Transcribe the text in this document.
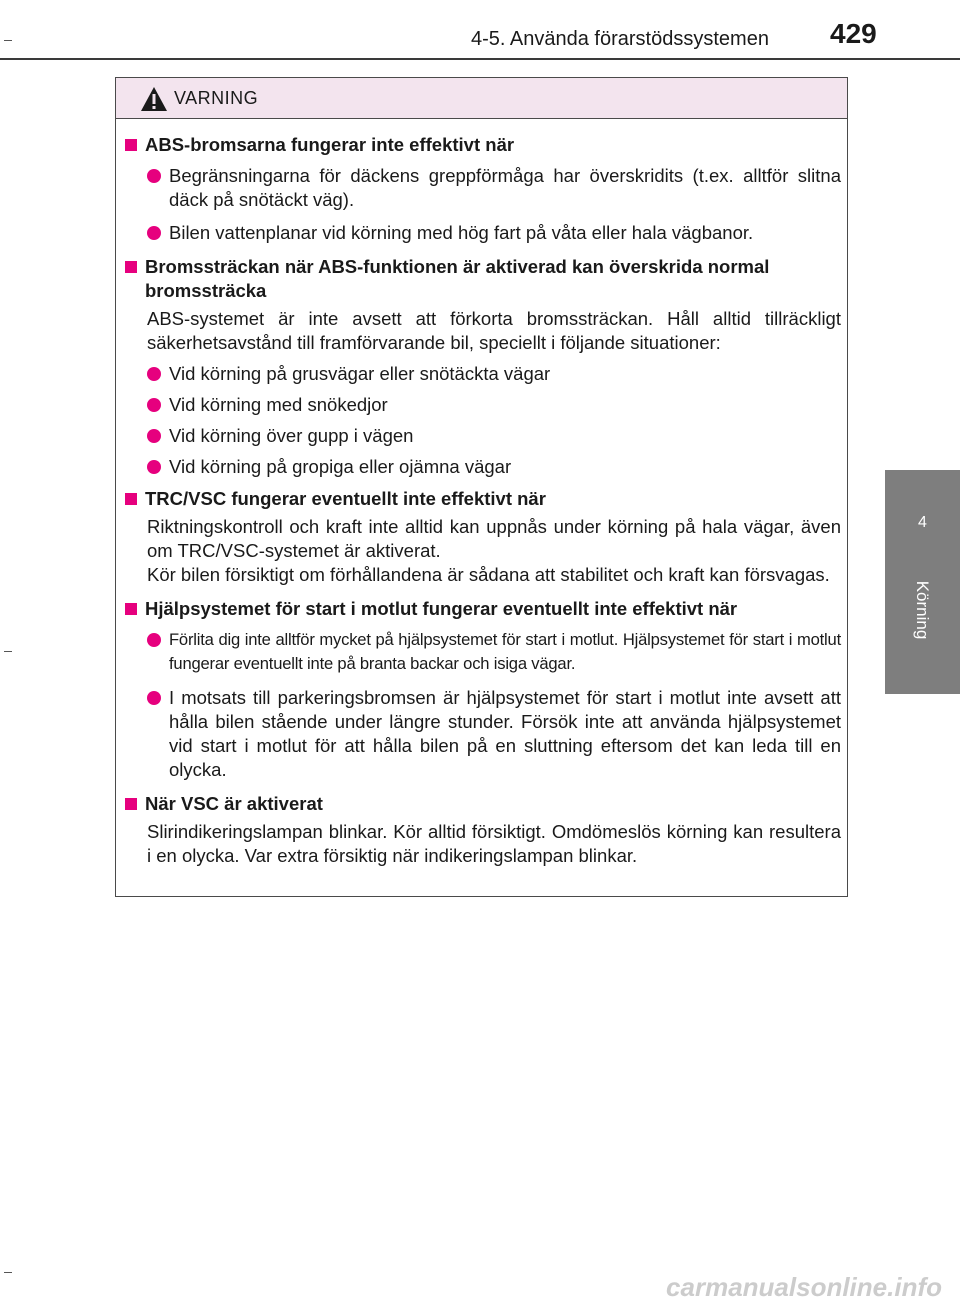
4-5. Använda förarstödssystemen 429
4
Körning
VARNING
ABS-bromsarna fungerar inte effektivt när
Begränsningarna för däckens greppförmåga har överskridits (t.ex. alltför slitna däck på snötäckt väg).
Bilen vattenplanar vid körning med hög fart på våta eller hala vägbanor.
Bromssträckan när ABS-funktionen är aktiverad kan överskrida normal bromssträcka
ABS-systemet är inte avsett att förkorta bromssträckan. Håll alltid tillräckligt säkerhetsavstånd till framförvarande bil, speciellt i följande situationer:
Vid körning på grusvägar eller snötäckta vägar
Vid körning med snökedjor
Vid körning över gupp i vägen
Vid körning på gropiga eller ojämna vägar
TRC/VSC fungerar eventuellt inte effektivt när
Riktningskontroll och kraft inte alltid kan uppnås under körning på hala vägar, även om TRC/VSC-systemet är aktiverat.
Kör bilen försiktigt om förhållandena är sådana att stabilitet och kraft kan försvagas.
Hjälpsystemet för start i motlut fungerar eventuellt inte effektivt när
Förlita dig inte alltför mycket på hjälpsystemet för start i motlut. Hjälpsystemet för start i motlut fungerar eventuellt inte på branta backar och isiga vägar.
I motsats till parkeringsbromsen är hjälpsystemet för start i motlut inte avsett att hålla bilen stående under längre stunder. Försök inte att använda hjälpsystemet vid start i motlut för att hålla bilen på en sluttning eftersom det kan leda till en olycka.
När VSC är aktiverat
Slirindikeringslampan blinkar. Kör alltid försiktigt. Omdömeslös körning kan resultera i en olycka. Var extra försiktig när indikeringslampan blinkar.
carmanualsonline.info
